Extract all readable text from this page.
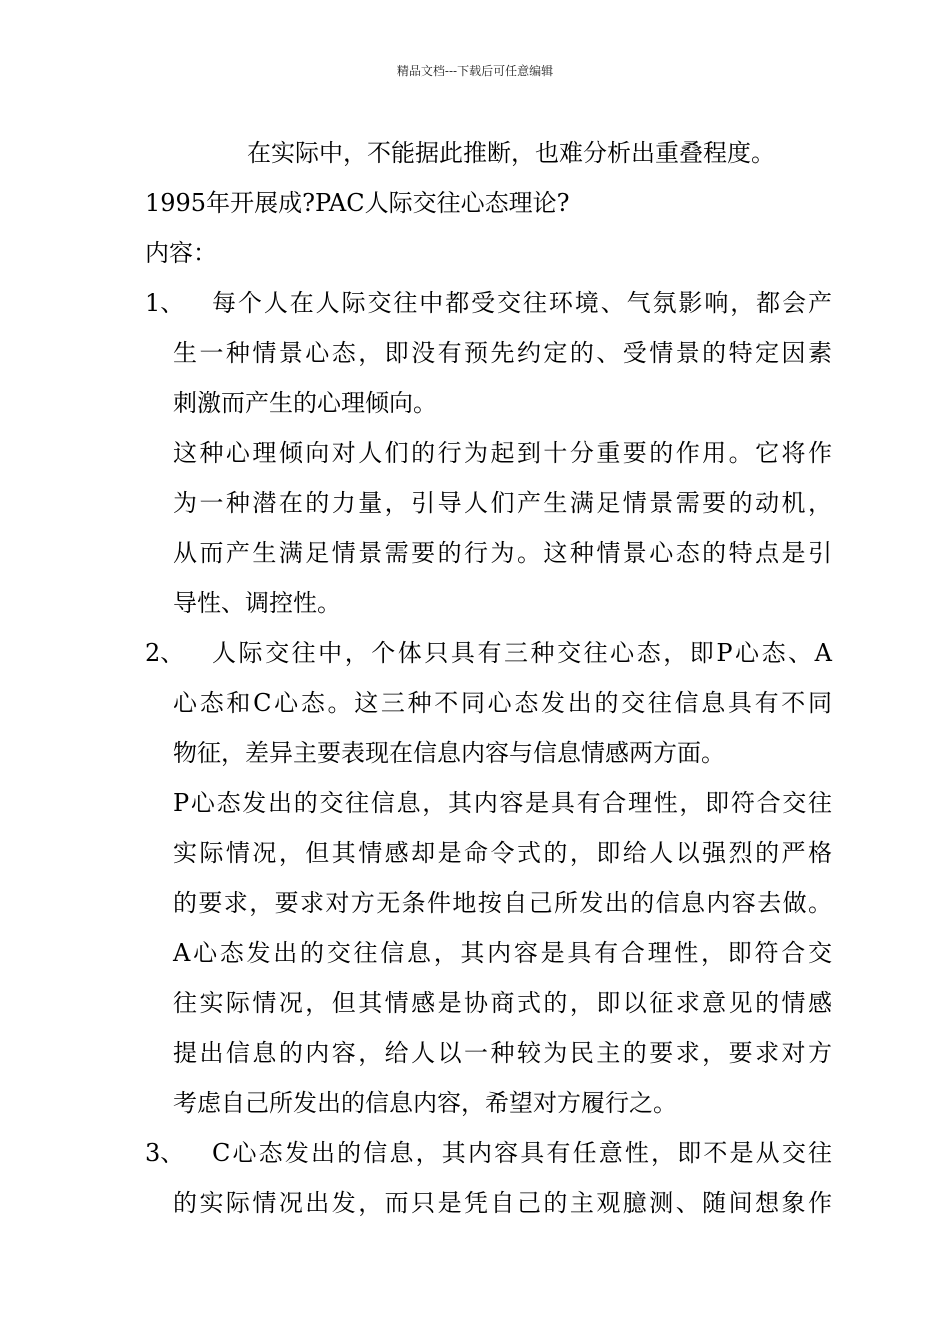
精品文档---下载后可任意编辑
在实际中，不能据此推断，也难分析出重叠程度。
1995年开展成?PAC人际交往心态理论?
内容：
1、 每个人在人际交往中都受交往环境、气氛影响，都会产
生一种情景心态，即没有预先约定的、受情景的特定因素
刺激而产生的心理倾向。
这种心理倾向对人们的行为起到十分重要的作用。它将作
为一种潜在的力量，引导人们产生满足情景需要的动机，
从而产生满足情景需要的行为。这种情景心态的特点是引
导性、调控性。
2、 人际交往中，个体只具有三种交往心态，即P心态、A
心态和C心态。这三种不同心态发出的交往信息具有不同
物征，差异主要表现在信息内容与信息情感两方面。
P心态发出的交往信息，其内容是具有合理性，即符合交往
实际情况，但其情感却是命令式的，即给人以强烈的严格
的要求，要求对方无条件地按自己所发出的信息内容去做。
A心态发出的交往信息，其内容是具有合理性，即符合交
往实际情况，但其情感是协商式的，即以征求意见的情感
提出信息的内容，给人以一种较为民主的要求，要求对方
考虑自己所发出的信息内容，希望对方履行之。
3、 C心态发出的信息，其内容具有任意性，即不是从交往
的实际情况出发，而只是凭自己的主观臆测、随间想象作
